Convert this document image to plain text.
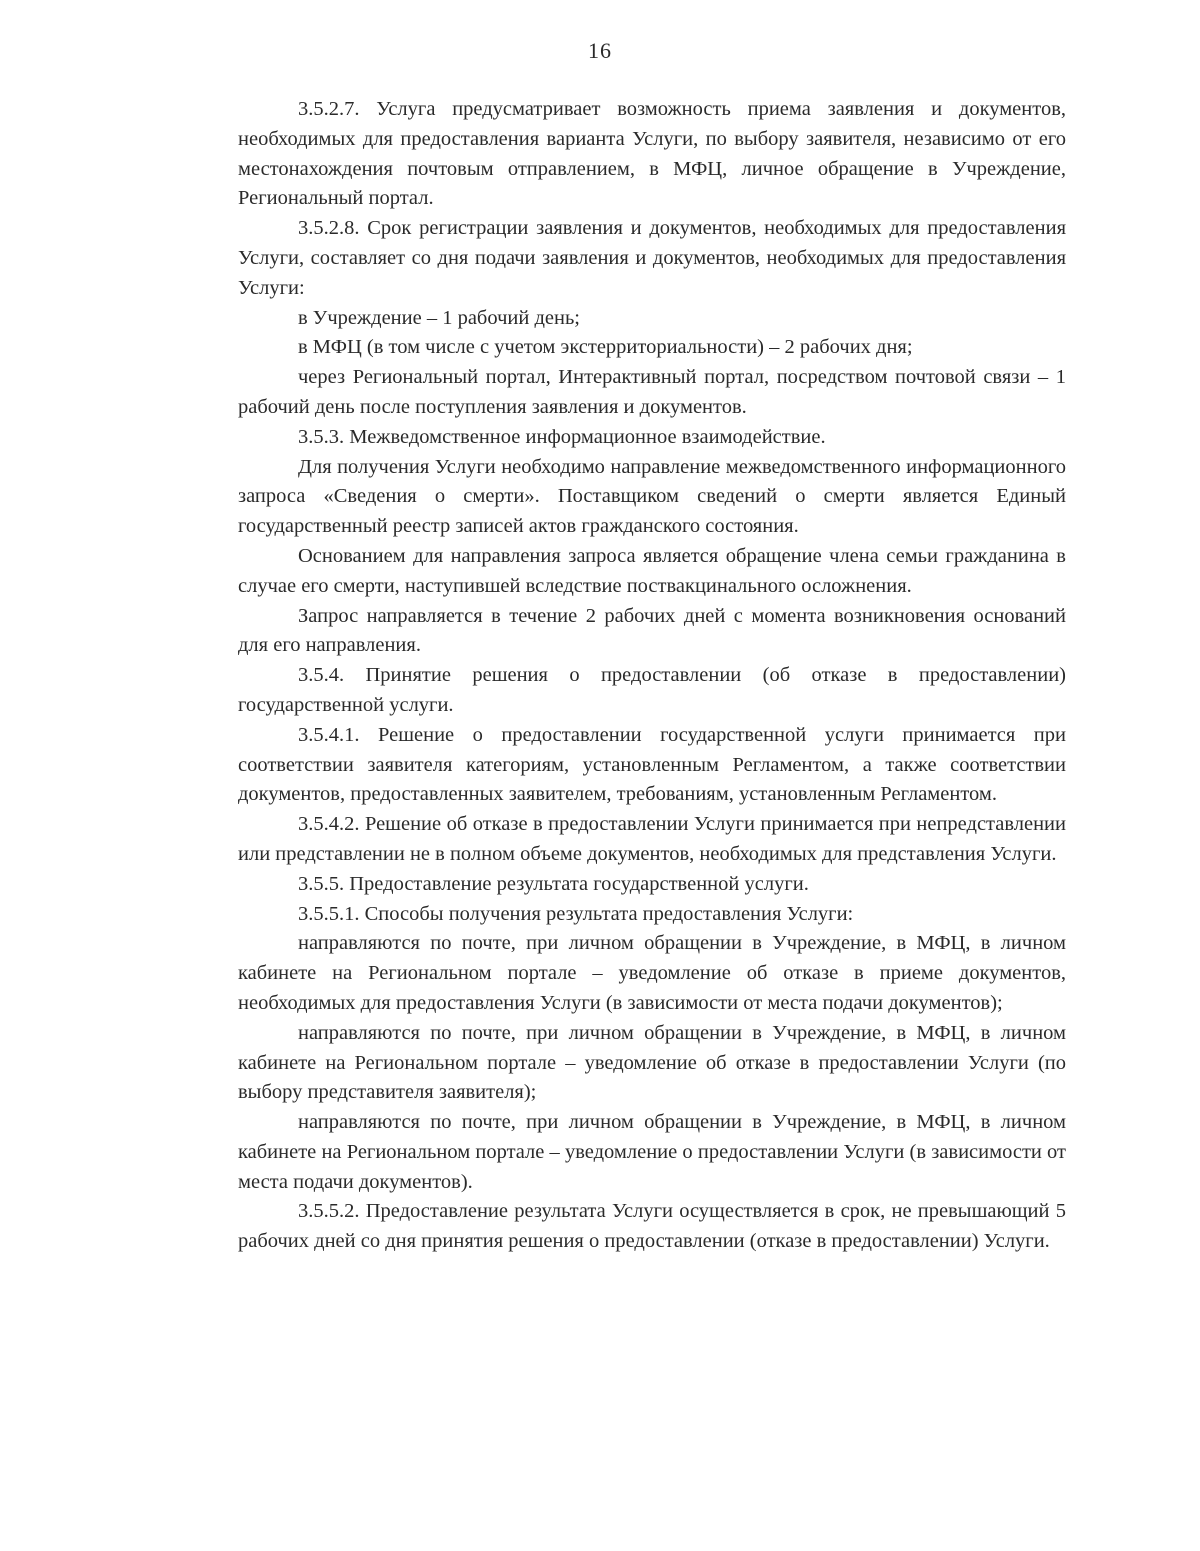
16

3.5.2.7. Услуга предусматривает возможность приема заявления и документов, необходимых для предоставления варианта Услуги, по выбору заявителя, независимо от его местонахождения почтовым отправлением, в МФЦ, личное обращение в Учреждение, Региональный портал.

3.5.2.8. Срок регистрации заявления и документов, необходимых для предоставления Услуги, составляет со дня подачи заявления и документов, необходимых для предоставления Услуги:

в Учреждение – 1 рабочий день;

в МФЦ (в том числе с учетом экстерриториальности) – 2 рабочих дня;

через Региональный портал, Интерактивный портал, посредством почтовой связи – 1 рабочий день после поступления заявления и документов.

3.5.3. Межведомственное информационное взаимодействие.

Для получения Услуги необходимо направление межведомственного информационного запроса «Сведения о смерти». Поставщиком сведений о смерти является Единый государственный реестр записей актов гражданского состояния.

Основанием для направления запроса является обращение члена семьи гражданина в случае его смерти, наступившей вследствие поствакцинального осложнения.

Запрос направляется в течение 2 рабочих дней с момента возникновения оснований для его направления.

3.5.4. Принятие решения о предоставлении (об отказе в предоставлении) государственной услуги.

3.5.4.1. Решение о предоставлении государственной услуги принимается при соответствии заявителя категориям, установленным Регламентом, а также соответствии документов, предоставленных заявителем, требованиям, установленным Регламентом.

3.5.4.2. Решение об отказе в предоставлении Услуги принимается при непредставлении или представлении не в полном объеме документов, необходимых для представления Услуги.

3.5.5. Предоставление результата государственной услуги.

3.5.5.1. Способы получения результата предоставления Услуги:

направляются по почте, при личном обращении в Учреждение, в МФЦ, в личном кабинете на Региональном портале – уведомление об отказе в приеме документов, необходимых для предоставления Услуги (в зависимости от места подачи документов);

направляются по почте, при личном обращении в Учреждение, в МФЦ, в личном кабинете на Региональном портале – уведомление об отказе в предоставлении Услуги (по выбору представителя заявителя);

направляются по почте, при личном обращении в Учреждение, в МФЦ, в личном кабинете на Региональном портале – уведомление о предоставлении Услуги (в зависимости от места подачи документов).

3.5.5.2. Предоставление результата Услуги осуществляется в срок, не превышающий 5 рабочих дней со дня принятия решения о предоставлении (отказе в предоставлении) Услуги.
